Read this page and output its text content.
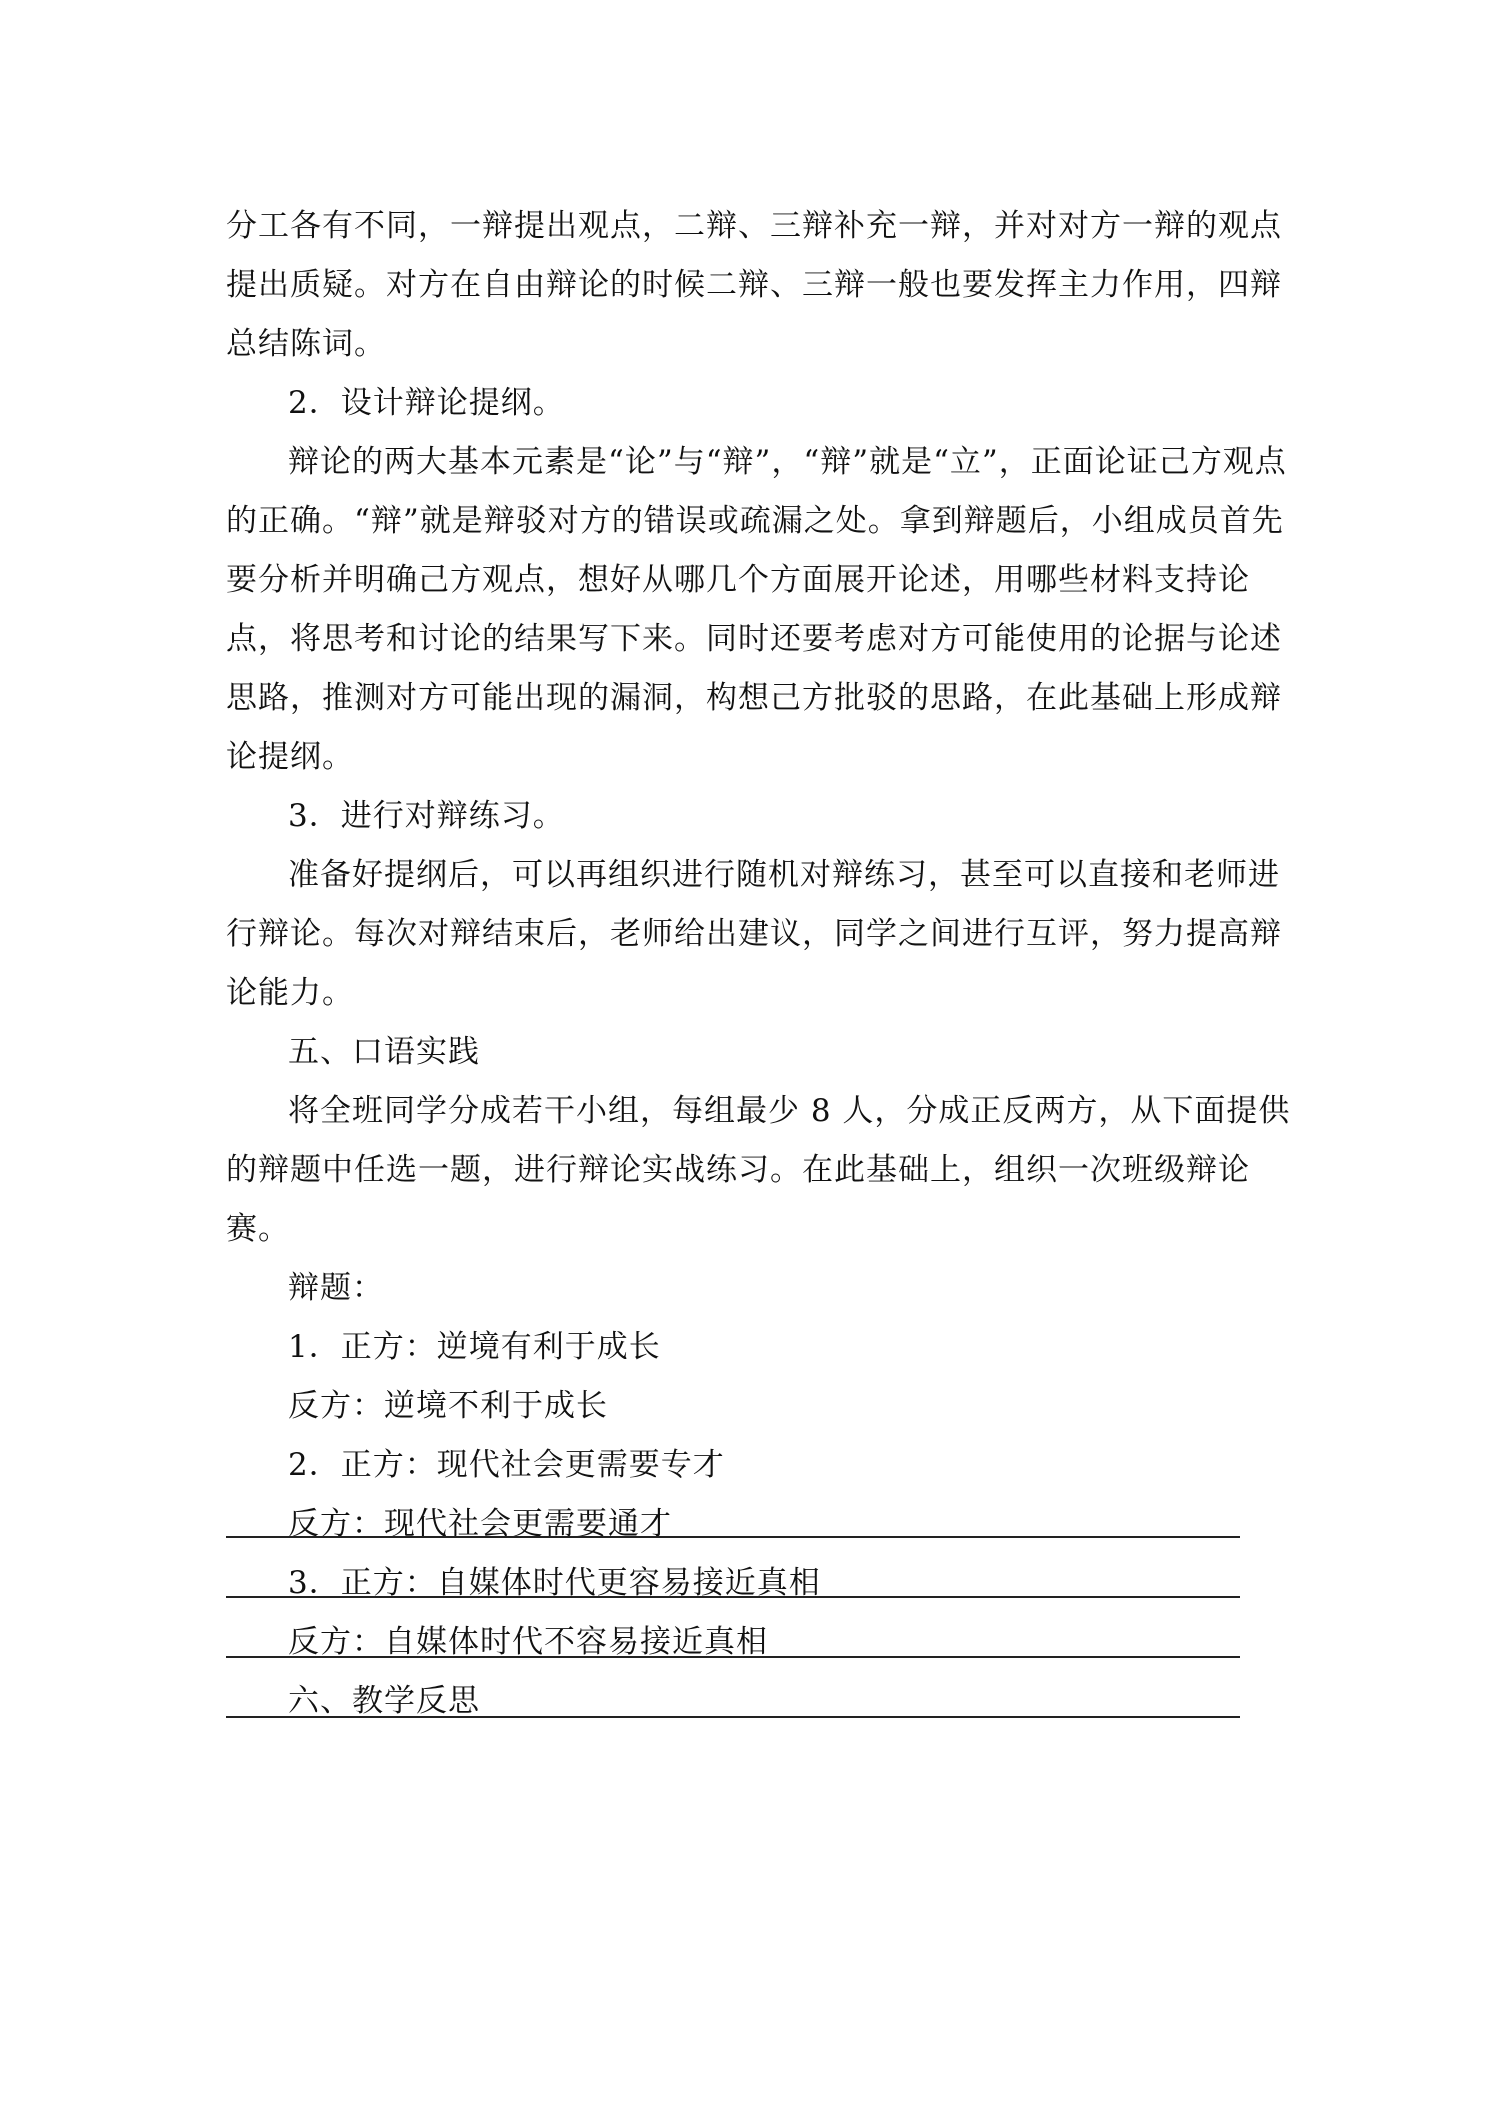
分工各有不同，一辩提出观点，二辩、三辩补充一辩，并对对方一辩的观点提出质疑。对方在自由辩论的时候二辩、三辩一般也要发挥主力作用，四辩总结陈词。

2．设计辩论提纲。

辩论的两大基本元素是“论”与“辩”，“辩”就是“立”，正面论证己方观点的正确。“辩”就是辩驳对方的错误或疏漏之处。拿到辩题后，小组成员首先要分析并明确己方观点，想好从哪几个方面展开论述，用哪些材料支持论点，将思考和讨论的结果写下来。同时还要考虑对方可能使用的论据与论述思路，推测对方可能出现的漏洞，构想己方批驳的思路，在此基础上形成辩论提纲。

3．进行对辩练习。

准备好提纲后，可以再组织进行随机对辩练习，甚至可以直接和老师进行辩论。每次对辩结束后，老师给出建议，同学之间进行互评，努力提高辩论能力。

五、口语实践

将全班同学分成若干小组，每组最少 8 人，分成正反两方，从下面提供的辩题中任选一题，进行辩论实战练习。在此基础上，组织一次班级辩论赛。

辩题：

1．正方：逆境有利于成长

反方：逆境不利于成长

2．正方：现代社会更需要专才

反方：现代社会更需要通才

3．正方：自媒体时代更容易接近真相

反方：自媒体时代不容易接近真相

六、教学反思
